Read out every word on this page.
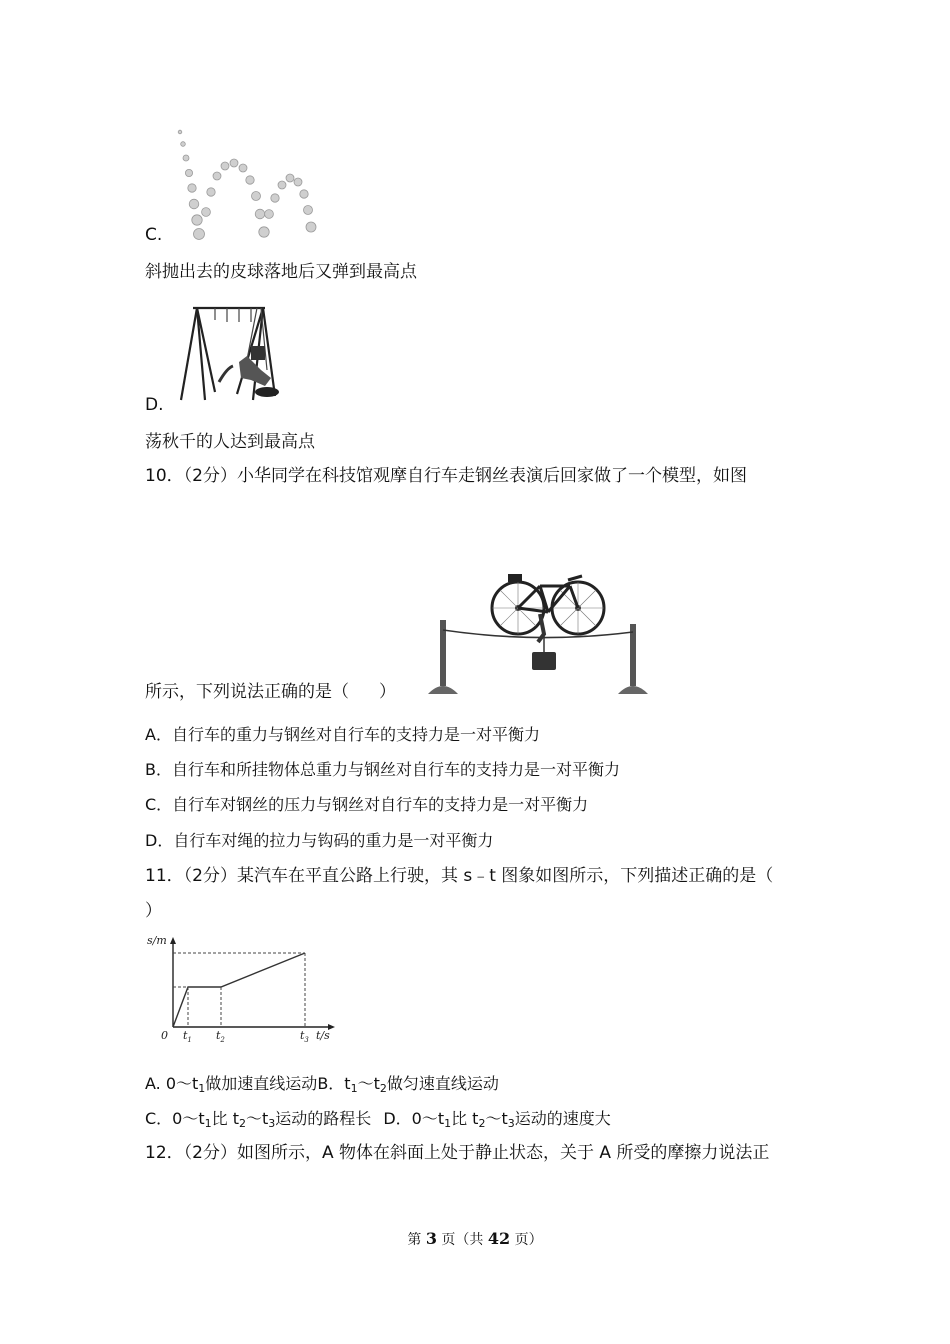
C.
斜抛出去的皮球落地后又弹到最高点
D.
荡秋千的人达到最高点
10．（2分）小华同学在科技馆观摩自行车走钢丝表演后回家做了一个模型，如图
所示，下列说法正确的是（ ）
A．自行车的重力与钢丝对自行车的支持力是一对平衡力
B．自行车和所挂物体总重力与钢丝对自行车的支持力是一对平衡力
C．自行车对钢丝的压力与钢丝对自行车的支持力是一对平衡力
D．自行车对绳的拉力与钩码的重力是一对平衡力
11．（2分）某汽车在平直公路上行驶，其 s﹣t 图象如图所示，下列描述正确的是（
）
s/m
0 $t_1$ $t_2$	$t_3$ t/s
A. $0\sim t_1$做加速直线运动B．$t_1\sim t_2$做匀速直线运动
C．$0\sim t_1$比 $t_2\sim t_3$运动的路程长 D．$0\sim t_1$比 $t_2\sim t_3$运动的速度大
12．（2分）如图所示，A 物体在斜面上处于静止状态，关于 A 所受的摩擦力说法正
第 3 页（共 42 页）
